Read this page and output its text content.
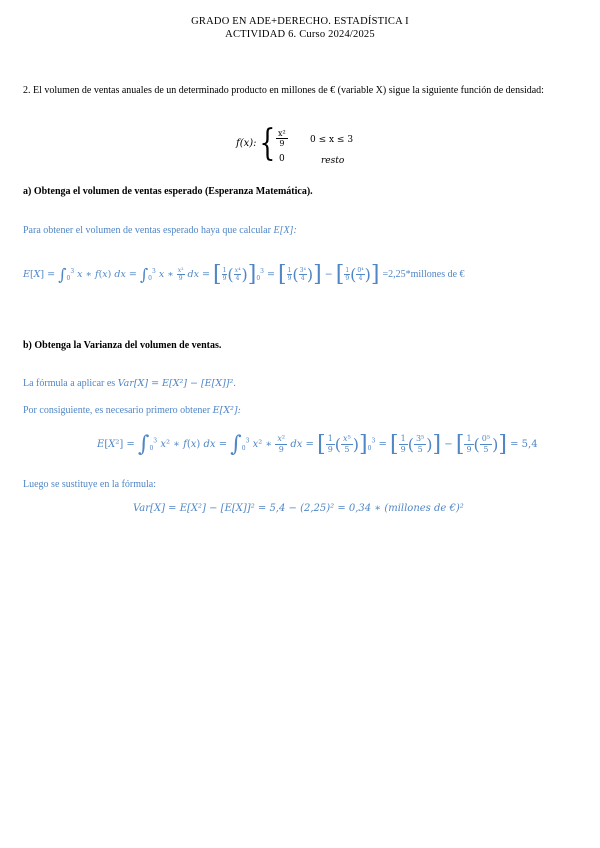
GRADO EN ADE+DERECHO. ESTADÍSTICA I
ACTIVIDAD 6. Curso 2024/2025
2. El volumen de ventas anuales de un determinado producto en millones de € (variable X) sigue la siguiente función de densidad:
f(x): { $\frac{\text{x²}}{9} 0 \le x \le 3$
0	resto
a) Obtenga el volumen de ventas esperado (Esperanza Matemática).
Para obtener el volumen de ventas esperado haya que calcular E[X]:
$E[X] = \int_0^3$ x ∗ f(x) dx = $\int_0^3$ x ∗ $\frac{\text{x²}}{9}$ dx = [ $\frac{1}{9}$ ( $\frac{\text{x⁴}}{4} )]_0^3$ = [ $\frac{1}{9}$ ( $\frac{\text{3⁴}}{4}$ )] − [ $\frac{1}{9}$ ( $\frac{\text{0⁴}}{4}$ )] =2,25*millones de €
b) Obtenga la Varianza del volumen de ventas.
La fórmula a aplicar es Var[X] = E[X²] − [E[X]]².
Por consiguiente, es necesario primero obtener E[X²]:
$E[X^2] = \int_0^3$ x² ∗ f(x) dx = $\int_0^3$ x² ∗ $\frac{\text{x²}}{9}$ dx = [ $\frac{1}{9}$ ( $\frac{\text{x⁵}}{5} )]_0^3$ = [ $\frac{1}{9}$ ( $\frac{\text{3⁵}}{5}$ )] − [ $\frac{1}{9}$ ( $\frac{\text{0⁵}}{5}$ )] = 5,4
Luego se sustituye en la fórmula:
Var[X] = E[X²] − [E[X]]² = 5,4 − (2,25)² = 0,34 ∗ (millones de €)²
